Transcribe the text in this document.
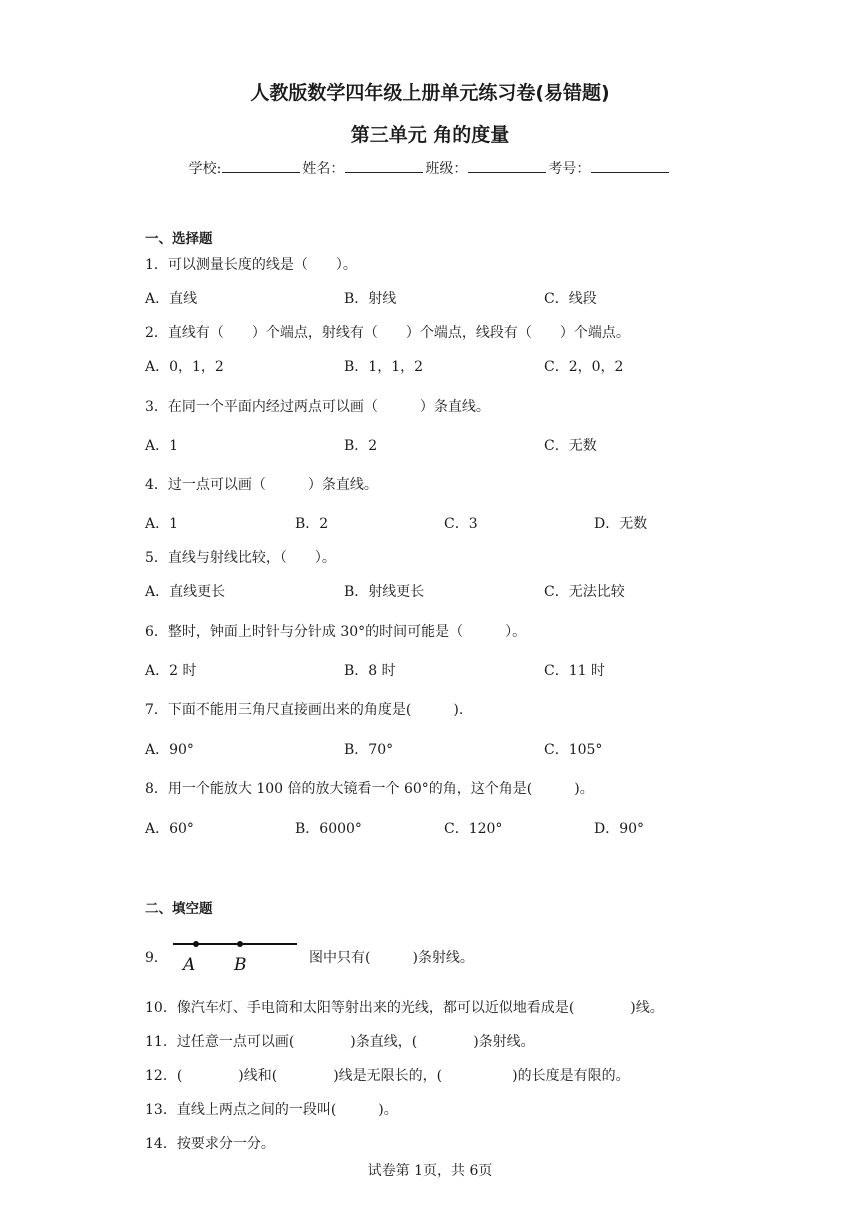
人教版数学四年级上册单元练习卷(易错题)
第三单元 角的度量
学校:	姓名：	班级：	考号：
一、选择题
1．可以测量长度的线是（　　）。
A．直线	B．射线	C．线段
2．直线有（　　）个端点，射线有（　　）个端点，线段有（　　）个端点。
A．0，1，2	B．1，1，2	C．2，0，2
3．在同一个平面内经过两点可以画（　　　）条直线。
A．1	B．2	C．无数
4．过一点可以画（　　　）条直线。
A．1	B．2	C．3	D．无数
5．直线与射线比较，（　　）。
A．直线更长	B．射线更长	C．无法比较
6．整时，钟面上时针与分针成 30°的时间可能是（　　　）。
A．2 时	B．8 时	C．11 时
7．下面不能用三角尺直接画出来的角度是(　　　).
A．90°	B．70°	C．105°
8．用一个能放大 100 倍的放大镜看一个 60°的角，这个角是(　　　)。
A．60°	B．6000°	C．120°	D．90°
二、填空题
9． A B	图中只有(　　　)条射线。
10．像汽车灯、手电筒和太阳等射出来的光线，都可以近似地看成是(　　　　)线。
11．过任意一点可以画(　　　　)条直线，(　　　　)条射线。
12．(　　　　)线和(　　　　)线是无限长的，(　　　　　)的长度是有限的。
13．直线上两点之间的一段叫(　　　)。
14．按要求分一分。
试卷第 1页，共 6页
